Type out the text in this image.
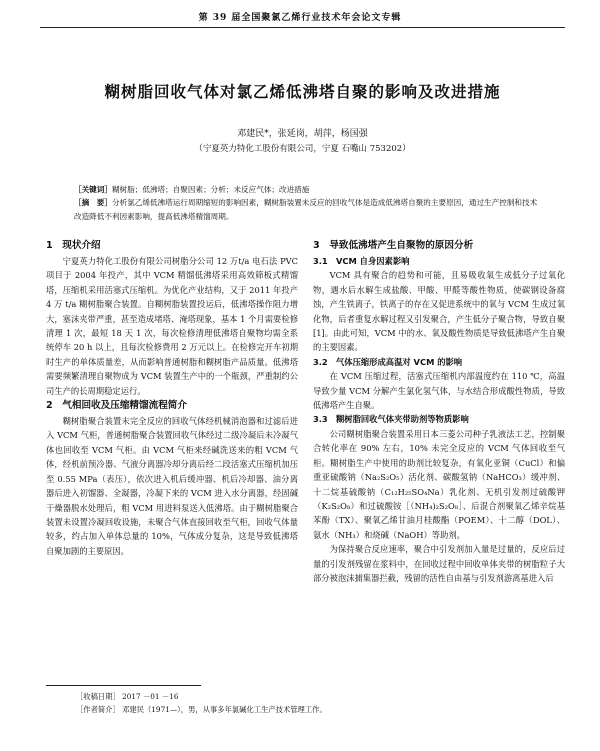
第 39 届全国聚氯乙烯行业技术年会论文专辑
糊树脂回收气体对氯乙烯低沸塔自聚的影响及改进措施
邓建民*，张延岗，胡萍，杨国强
（宁夏英力特化工股份有限公司，宁夏 石嘴山 753202）

［关键词］糊树脂；低沸塔；自聚因素；分析；未反应气体；改进措施

［摘　要］分析氯乙烯低沸塔运行周期缩短的影响因素，糊树脂装置未反应的回收气体是造成低沸塔自聚的主要原因，通过生产控制和技术改造降低不利因素影响，提高低沸塔精馏周期。

1　现状介绍

宁夏英力特化工股份有限公司树脂分公司 12 万t/a 电石法 PVC 项目于 2004 年投产，其中 VCM 精馏低沸塔采用高效筛板式精馏塔，压缩机采用活塞式压缩机。为优化产业结构，又于 2011 年投产 4 万 t/a 糊树脂聚合装置。自糊树脂装置投运后，低沸塔操作阻力增大，塞沫夹带严重，甚至造成堵塔、淹塔现象，基本 1 个月需要检修清理 1 次，最短 18 天 1 次，每次检修清理低沸塔自聚物均需全系统停车 20 h 以上，且每次检修费用 2 万元以上。在检修完开车初期时生产的单体质量差，从而影响普通树脂和糊树脂产品质量。低沸塔需要频繁清理自聚物成为 VCM 装置生产中的一个瓶颈，严重制约公司生产的长周期稳定运行。

2　气相回收及压缩精馏流程简介

糊树脂聚合装置未完全反应的回收气体经机械消泡器和过滤后进入 VCM 气柜，普通树脂聚合装置回收气体经过二级冷凝后未冷凝气体也回收至 VCM 气柜。由 VCM 气柜来经碱洗送来的粗 VCM 气体，经机前预冷器、气液分离器冷却分离后经二段活塞式压缩机加压至 0.55 MPa（表压），依次进入机后缓冲器、机后冷却器、油分离器后进入初馏器、全凝器，冷凝下来的 VCM 进入水分离器，经固碱干燥器脱水处理后，粗 VCM 用进料泵送入低沸塔。由于糊树脂聚合装置未设置冷凝回收设施，未聚合气体直接回收至气柜，回收气体量较多，约占加入单体总量的 10%，气体成分复杂，这是导致低沸塔自聚加剧的主要原因。

3　导致低沸塔产生自聚物的原因分析
3.1　VCM 自身因素影响

VCM 具有聚合的趋势和可能，且易吸收氧生成低分子过氧化物，遇水后水解生成盐酸、甲酸、甲醛等酸性物质，使碳钢设备腐蚀，产生铁离子，铁离子的存在又促进系统中的氧与 VCM 生成过氧化物，后者重复水解过程又引发聚合，产生低分子聚合物，导致自聚[1]。由此可知，VCM 中的水、氧及酸性物质是导致低沸塔产生自聚的主要因素。

3.2　气体压缩形成高温对 VCM 的影响

在 VCM 压缩过程，活塞式压缩机内部温度约在 110 ℃，高温导致少量 VCM 分解产生氯化氢气体，与水结合形成酸性物质，导致低沸塔产生自聚。

3.3　糊树脂回收气体夹带助剂等物质影响

公司糊树脂聚合装置采用日本三菱公司种子乳液法工艺，控制聚合转化率在 90% 左右，10% 未完全反应的 VCM 气体回收至气柜。糊树脂生产中使用的助剂比较复杂，有氧化亚铜（CuCl）和偏重亚硫酸钠（Na₂S₂O₅）活化剂、碳酸氢钠（NaHCO₃）缓冲剂、十二烷基硫酸钠（C₁₂H₂₅SO₄Na）乳化剂、无机引发剂过硫酸钾（K₂S₂O₈）和过硫酸铵［（NH₄)₂S₂O₈］、后混合剂聚氧乙烯辛烷基苯酚（TX）、聚氧乙烯甘油月桂酸酯（POEM）、十二醇（DOL）、氨水（NH₃）和烧碱（NaOH）等助剂。

为保持聚合反应速率，聚合中引发剂加入量是过量的，反应后过量的引发剂残留在浆料中，在回收过程中回收单体夹带的树脂粒子大部分被泡沫捕集器拦截，残留的活性自由基与引发剂游离基进入后

［收稿日期］ 2017 －01 －16
［作者简介］ 邓建民（1971—），男，从事多年氯碱化工生产技术管理工作。
